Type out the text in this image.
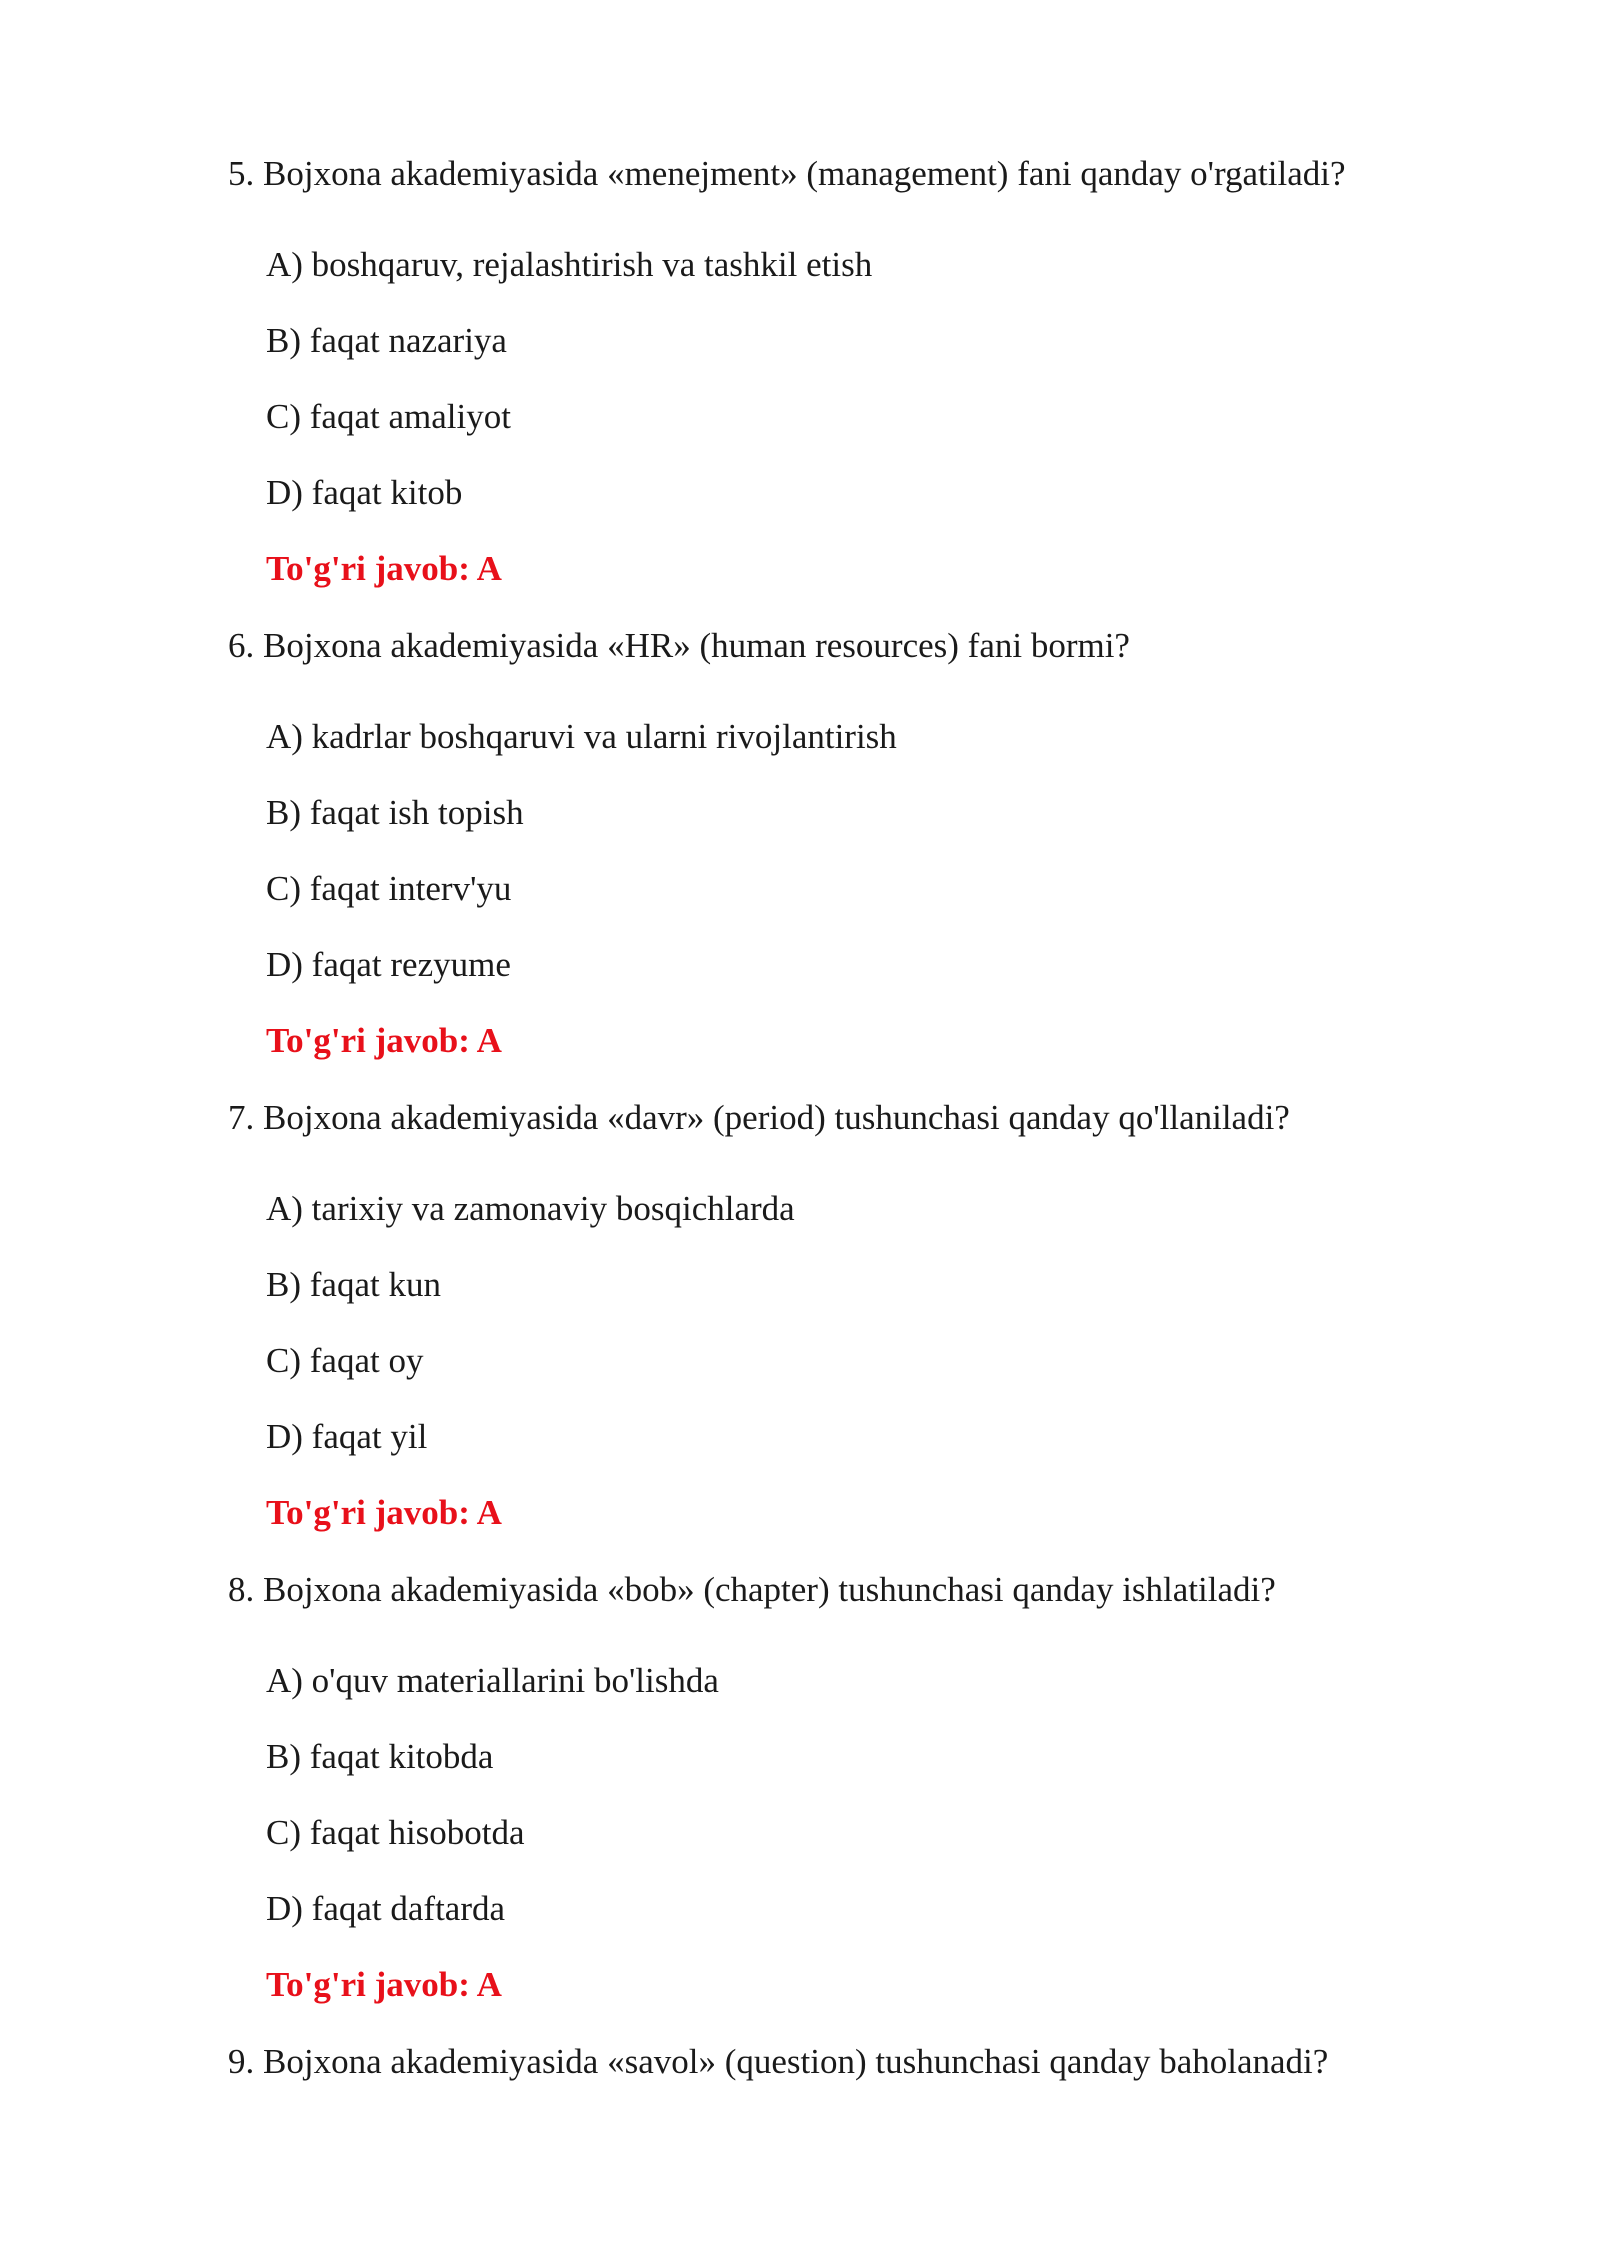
5. Bojxona akademiyasida «menejment» (management) fani qanday o'rgatiladi?
A) boshqaruv, rejalashtirish va tashkil etish
B) faqat nazariya
C) faqat amaliyot
D) faqat kitob
To'g'ri javob: A
6. Bojxona akademiyasida «HR» (human resources) fani bormi?
A) kadrlar boshqaruvi va ularni rivojlantirish
B) faqat ish topish
C) faqat interv'yu
D) faqat rezyume
To'g'ri javob: A
7. Bojxona akademiyasida «davr» (period) tushunchasi qanday qo'llaniladi?
A) tarixiy va zamonaviy bosqichlarda
B) faqat kun
C) faqat oy
D) faqat yil
To'g'ri javob: A
8. Bojxona akademiyasida «bob» (chapter) tushunchasi qanday ishlatiladi?
A) o'quv materiallarini bo'lishda
B) faqat kitobda
C) faqat hisobotda
D) faqat daftarda
To'g'ri javob: A
9. Bojxona akademiyasida «savol» (question) tushunchasi qanday baholanadi?
